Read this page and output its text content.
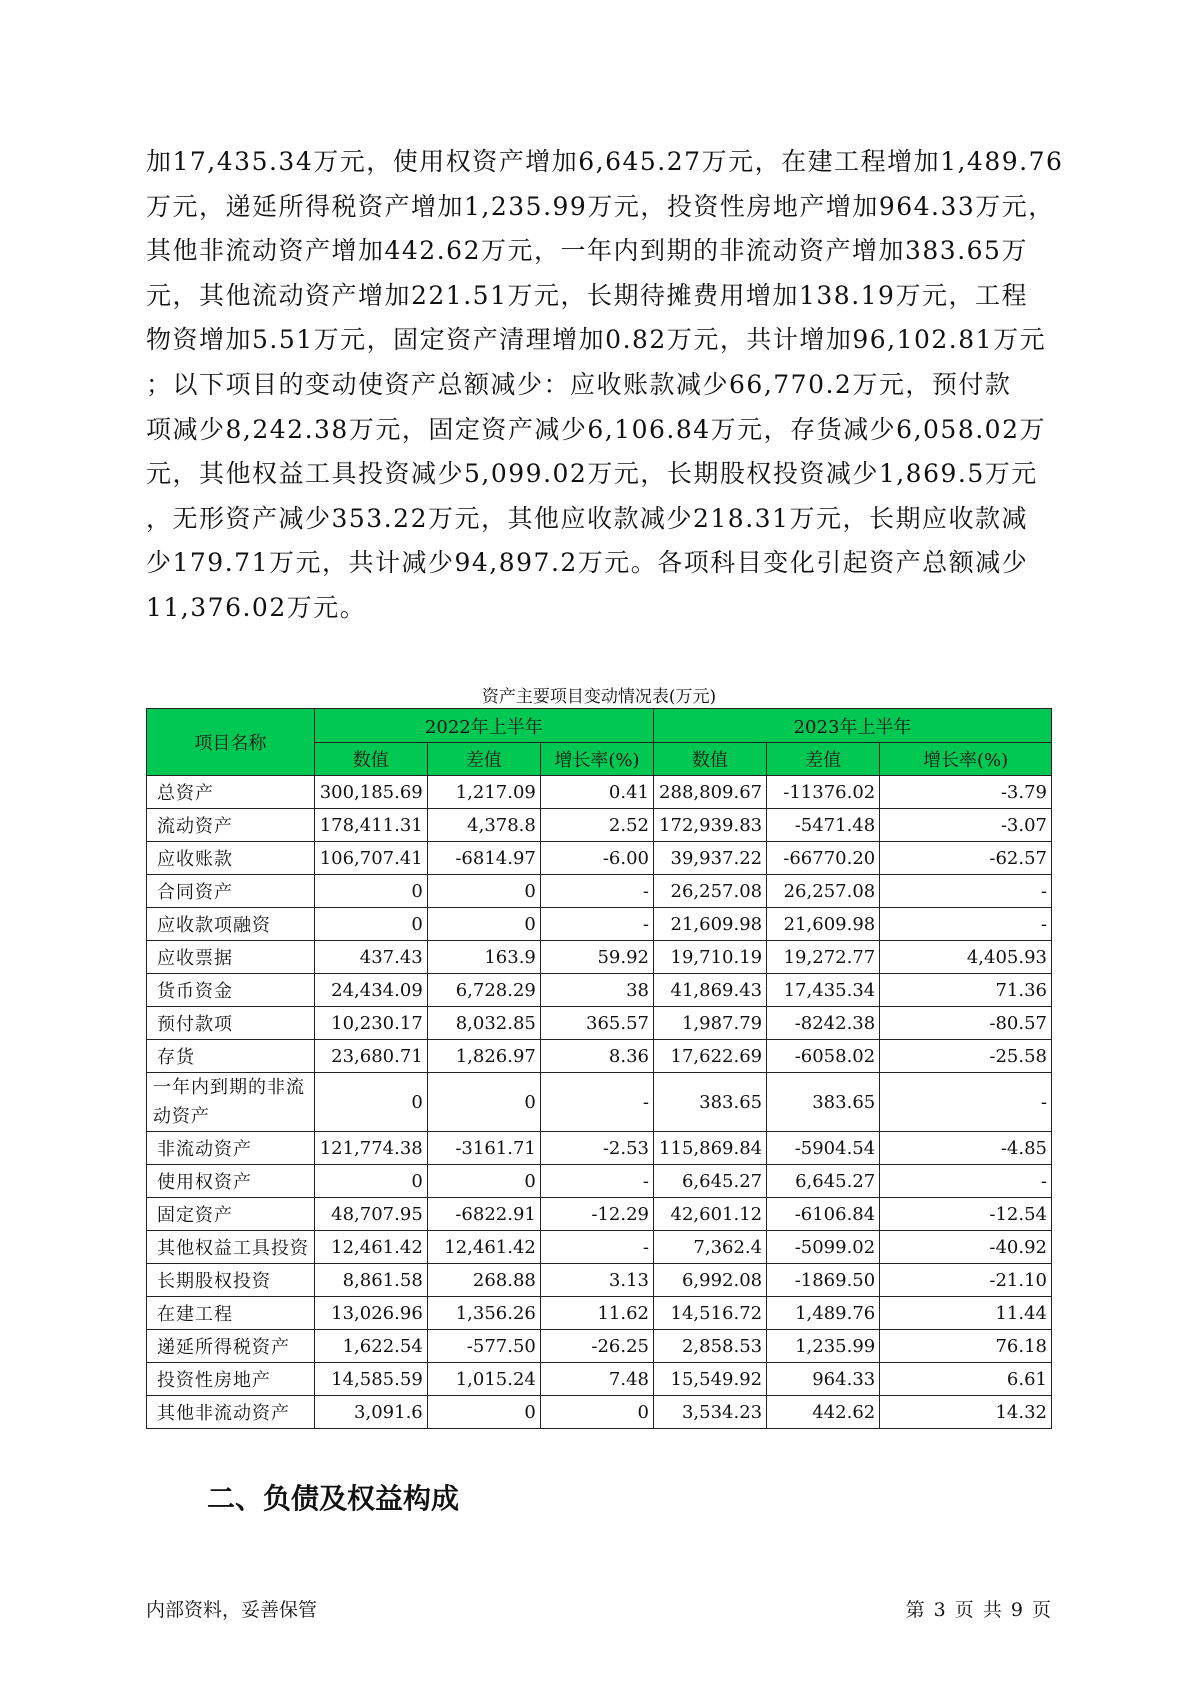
加17,435.34万元，使用权资产增加6,645.27万元，在建工程增加1,489.76
万元，递延所得税资产增加1,235.99万元，投资性房地产增加964.33万元，
其他非流动资产增加442.62万元，一年内到期的非流动资产增加383.65万
元，其他流动资产增加221.51万元，长期待摊费用增加138.19万元，工程
物资增加5.51万元，固定资产清理增加0.82万元，共计增加96,102.81万元
；以下项目的变动使资产总额减少：应收账款减少66,770.2万元，预付款
项减少8,242.38万元，固定资产减少6,106.84万元，存货减少6,058.02万
元，其他权益工具投资减少5,099.02万元，长期股权投资减少1,869.5万元
，无形资产减少353.22万元，其他应收款减少218.31万元，长期应收款减
少179.71万元，共计减少94,897.2万元。各项科目变化引起资产总额减少
11,376.02万元。
资产主要项目变动情况表(万元)
项目名称	2022年上半年			2023年上半年		
	数值	差值	增长率(%)	数值	差值	增长率(%)
总资产	300,185.69	1,217.09	0.41	288,809.67	-11376.02	-3.79
流动资产	178,411.31	4,378.8	2.52	172,939.83	-5471.48	-3.07
应收账款	106,707.41	-6814.97	-6.00	39,937.22	-66770.20	-62.57
合同资产	0	0	-	26,257.08	26,257.08	-
应收款项融资	0	0	-	21,609.98	21,609.98	-
应收票据	437.43	163.9	59.92	19,710.19	19,272.77	4,405.93
货币资金	24,434.09	6,728.29	38	41,869.43	17,435.34	71.36
预付款项	10,230.17	8,032.85	365.57	1,987.79	-8242.38	-80.57
存货	23,680.71	1,826.97	8.36	17,622.69	-6058.02	-25.58
一年内到期的非流动资产	0	0	-	383.65	383.65	-
非流动资产	121,774.38	-3161.71	-2.53	115,869.84	-5904.54	-4.85
使用权资产	0	0	-	6,645.27	6,645.27	-
固定资产	48,707.95	-6822.91	-12.29	42,601.12	-6106.84	-12.54
其他权益工具投资	12,461.42	12,461.42	-	7,362.4	-5099.02	-40.92
长期股权投资	8,861.58	268.88	3.13	6,992.08	-1869.50	-21.10
在建工程	13,026.96	1,356.26	11.62	14,516.72	1,489.76	11.44
递延所得税资产	1,622.54	-577.50	-26.25	2,858.53	1,235.99	76.18
投资性房地产	14,585.59	1,015.24	7.48	15,549.92	964.33	6.61
其他非流动资产	3,091.6	0	0	3,534.23	442.62	14.32
二、负债及权益构成
内部资料，妥善保管	第 3 页 共 9 页
